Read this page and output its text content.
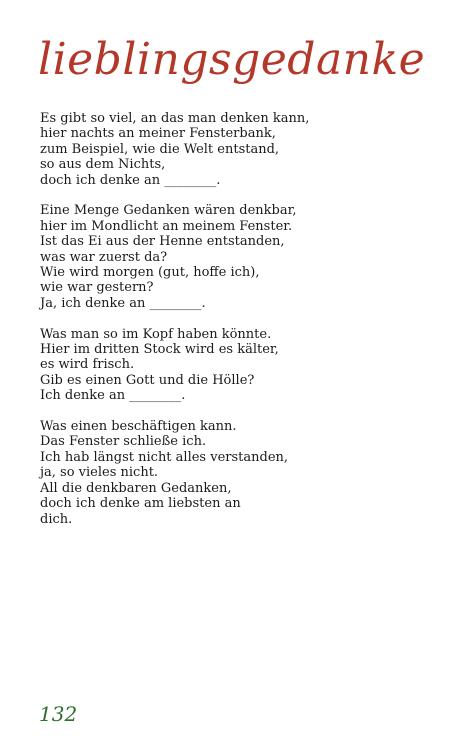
lieblingsgedanke
Es gibt so viel, an das man denken kann,
hier nachts an meiner Fensterbank,
zum Beispiel, wie die Welt entstand,
so aus dem Nichts,
doch ich denke an ________.
Eine Menge Gedanken wären denkbar,
hier im Mondlicht an meinem Fenster.
Ist das Ei aus der Henne entstanden,
was war zuerst da?
Wie wird morgen (gut, hoffe ich),
wie war gestern?
Ja, ich denke an ________.
Was man so im Kopf haben könnte.
Hier im dritten Stock wird es kälter,
es wird frisch.
Gib es einen Gott und die Hölle?
Ich denke an ________.
Was einen beschäftigen kann.
Das Fenster schließe ich.
Ich hab längst nicht alles verstanden,
ja, so vieles nicht.
All die denkbaren Gedanken,
doch ich denke am liebsten an
dich.
132
